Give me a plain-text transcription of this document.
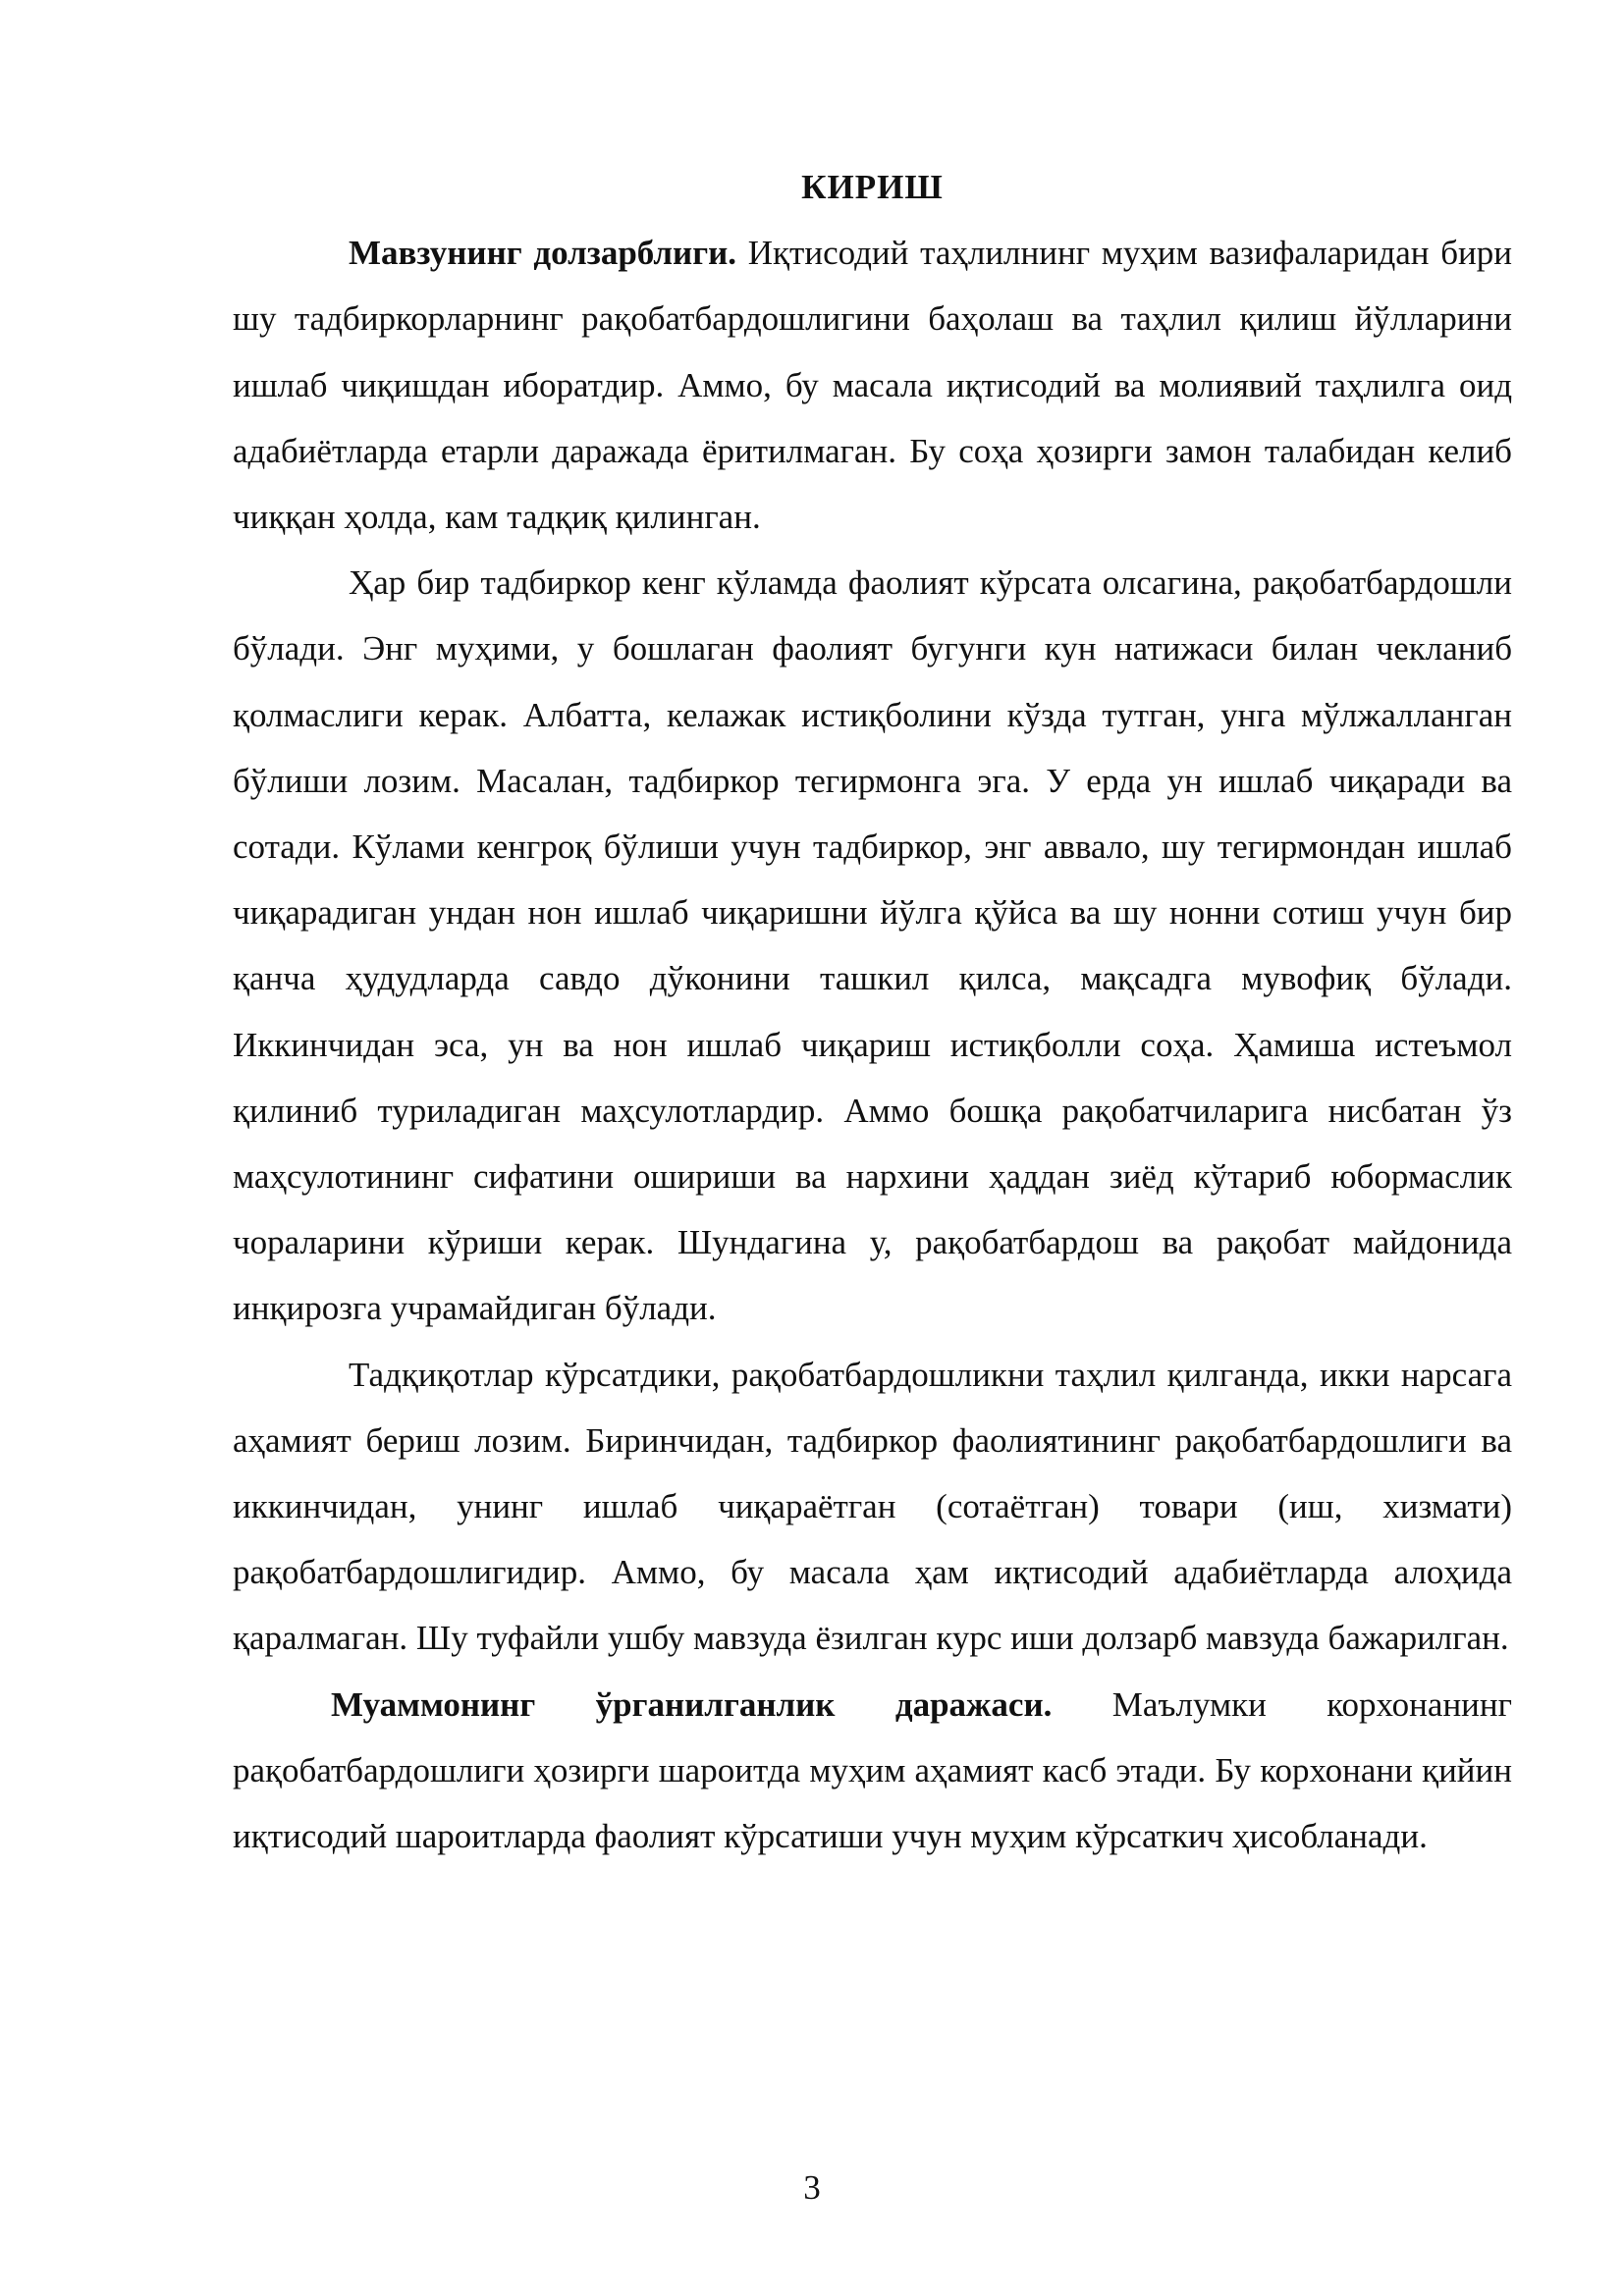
КИРИШ

Мавзунинг долзарблиги. Иқтисодий таҳлилнинг муҳим вазифаларидан бири шу тадбиркорларнинг рақобатбардошлигини баҳолаш ва таҳлил қилиш йўлларини ишлаб чиқишдан иборатдир. Аммо, бу масала иқтисодий ва молиявий таҳлилга оид адабиётларда етарли даражада ёритилмаган. Бу соҳа ҳозирги замон талабидан келиб чиққан ҳолда, кам тадқиқ қилинган.

Ҳар бир тадбиркор кенг кўламда фаолият кўрсата олсагина, рақобатбардошли бўлади. Энг муҳими, у бошлаган фаолият бугунги кун натижаси билан чекланиб қолмаслиги керак. Албатта, келажак истиқболини кўзда тутган, унга мўлжалланган бўлиши лозим. Масалан, тадбиркор тегирмонга эга. У ерда ун ишлаб чиқаради ва сотади. Кўлами кенгроқ бўлиши учун тадбиркор, энг аввало, шу тегирмондан ишлаб чиқарадиган ундан нон ишлаб чиқаришни йўлга қўйса ва шу нонни сотиш учун бир қанча ҳудудларда савдо дўконини ташкил қилса, мақсадга мувофиқ бўлади. Иккинчидан эса, ун ва нон ишлаб чиқариш истиқболли соҳа. Ҳамиша истеъмол қилиниб туриладиган маҳсулотлардир. Аммо бошқа рақобатчиларига нисбатан ўз маҳсулотининг сифатини ошириши ва нархини ҳаддан зиёд кўтариб юбормаслик чораларини кўриши керак. Шундагина у, рақобатбардош ва рақобат майдонида инқирозга учрамайдиган бўлади.

Тадқиқотлар кўрсатдики, рақобатбардошликни таҳлил қилганда, икки нарсага аҳамият бериш лозим. Биринчидан, тадбиркор фаолиятининг рақобатбардошлиги ва иккинчидан, унинг ишлаб чиқараётган (сотаётган) товари (иш, хизмати) рақобатбардошлигидир. Аммо, бу масала ҳам иқтисодий адабиётларда алоҳида қаралмаган. Шу туфайли ушбу мавзуда ёзилган курс иши долзарб мавзуда бажарилган.

Муаммонинг ўрганилганлик даражаси. Маълумки корхонанинг рақобатбардошлиги ҳозирги шароитда муҳим аҳамият касб этади. Бу корхонани қийин иқтисодий шароитларда фаолият кўрсатиши учун муҳим кўрсаткич ҳисобланади.

3
